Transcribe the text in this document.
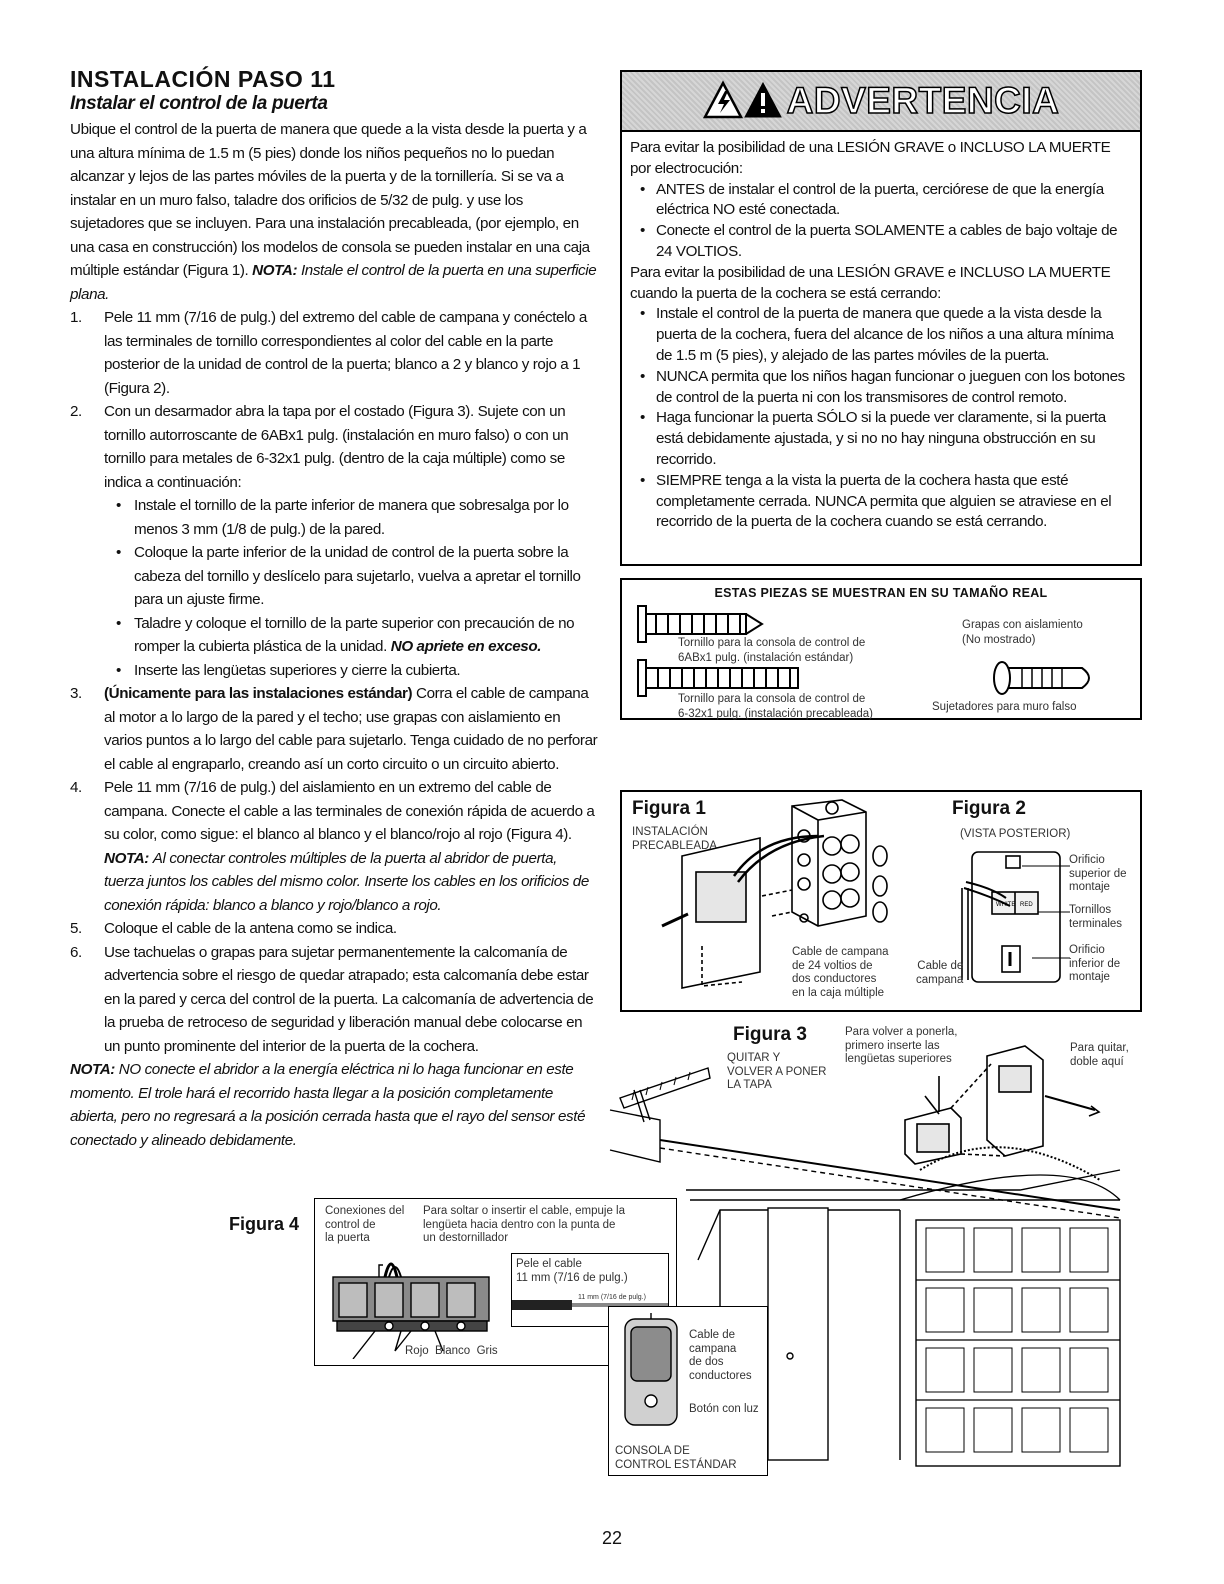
INSTALACIÓN PASO 11
Instalar el control de la puerta

Ubique el control de la puerta de manera que quede a la vista desde la puerta y a una altura mínima de 1.5 m (5 pies) donde los niños pequeños no lo puedan alcanzar y lejos de las partes móviles de la puerta y de la tornillería. Si se va a instalar en un muro falso, taladre dos orificios de 5/32 de pulg. y use los sujetadores que se incluyen. Para una instalación precableada, (por ejemplo, en una casa en construcción) los modelos de consola se pueden instalar en una caja múltiple estándar (Figura 1). NOTA: Instale el control de la puerta en una superficie plana.

1. Pele 11 mm (7/16 de pulg.) del extremo del cable de campana y conéctelo a las terminales de tornillo correspondientes al color del cable en la parte posterior de la unidad de control de la puerta; blanco a 2 y blanco y rojo a 1 (Figura 2).
2. Con un desarmador abra la tapa por el costado (Figura 3). Sujete con un tornillo autorroscante de 6ABx1 pulg. (instalación en muro falso) o con un tornillo para metales de 6-32x1 pulg. (dentro de la caja múltiple) como se indica a continuación:
• Instale el tornillo de la parte inferior de manera que sobresalga por lo menos 3 mm (1/8 de pulg.) de la pared.
• Coloque la parte inferior de la unidad de control de la puerta sobre la cabeza del tornillo y deslícelo para sujetarlo, vuelva a apretar el tornillo para un ajuste firme.
• Taladre y coloque el tornillo de la parte superior con precaución de no romper la cubierta plástica de la unidad. NO apriete en exceso.
• Inserte las lengüetas superiores y cierre la cubierta.
3. (Únicamente para las instalaciones estándar) Corra el cable de campana al motor a lo largo de la pared y el techo; use grapas con aislamiento en varios puntos a lo largo del cable para sujetarlo. Tenga cuidado de no perforar el cable al engraparlo, creando así un corto circuito o un circuito abierto.
4. Pele 11 mm (7/16 de pulg.) del aislamiento en un extremo del cable de campana. Conecte el cable a las terminales de conexión rápida de acuerdo a su color, como sigue: el blanco al blanco y el blanco/rojo al rojo (Figura 4).
NOTA: Al conectar controles múltiples de la puerta al abridor de puerta, tuerza juntos los cables del mismo color. Inserte los cables en los orificios de conexión rápida: blanco a blanco y rojo/blanco a rojo.
5. Coloque el cable de la antena como se indica.
6. Use tachuelas o grapas para sujetar permanentemente la calcomanía de advertencia sobre el riesgo de quedar atrapado; esta calcomanía debe estar en la pared y cerca del control de la puerta. La calcomanía de advertencia de la prueba de retroceso de seguridad y liberación manual debe colocarse en un punto prominente del interior de la puerta de la cochera.

NOTA: NO conecte el abridor a la energía eléctrica ni lo haga funcionar en este momento. El trole hará el recorrido hasta llegar a la posición completamente abierta, pero no regresará a la posición cerrada hasta que el rayo del sensor esté conectado y alineado debidamente.

ADVERTENCIA

Para evitar la posibilidad de una LESIÓN GRAVE o INCLUSO LA MUERTE por electrocución:

• ANTES de instalar el control de la puerta, cerciórese de que la energía eléctrica NO esté conectada.
• Conecte el control de la puerta SOLAMENTE a cables de bajo voltaje de 24 VOLTIOS.

Para evitar la posibilidad de una LESIÓN GRAVE e INCLUSO LA MUERTE cuando la puerta de la cochera se está cerrando:

• Instale el control de la puerta de manera que quede a la vista desde la puerta de la cochera, fuera del alcance de los niños a una altura mínima de 1.5 m (5 pies), y alejado de las partes móviles de la puerta.
• NUNCA permita que los niños hagan funcionar o jueguen con los botones de control de la puerta ni con los transmisores de control remoto.
• Haga funcionar la puerta SÓLO si la puede ver claramente, si la puerta está debidamente ajustada, y si no no hay ninguna obstrucción en su recorrido.
• SIEMPRE tenga a la vista la puerta de la cochera hasta que esté completamente cerrada. NUNCA permita que alguien se atraviese en el recorrido de la puerta de la cochera cuando se está cerrando.
ESTAS PIEZAS SE MUESTRAN EN SU TAMAÑO REAL
Tornillo para la consola de control de
6ABx1 pulg. (instalación estándar)
Tornillo para la consola de control de
6-32x1 pulg. (instalación precableada)
Grapas con aislamiento
(No mostrado)
Sujetadores para muro falso
Figura 1
INSTALACIÓN
PRECABLEADA
Cable de campana
de 24 voltios de
dos conductores
en la caja múltiple
Figura 2
(VISTA POSTERIOR)
WHITE RED
Orificio
superior de
montaje
Tornillos
terminales
Orificio
inferior de
montaje
Cable de
campana
Figura 3
QUITAR Y
VOLVER A PONER
LA TAPA
Para volver a ponerla,
primero inserte las
lengüetas superiores
Para quitar,
doble aquí
Figura 4
Conexiones del
control de
la puerta
Para soltar o insertir el cable, empuje la
lengüeta hacia dentro con la punta de
un destornillador
Rojo  Blanco  Gris
Pele el cable
11 mm (7/16 de pulg.)
11 mm (7/16 de pulg.)
Cable de
campana
de dos
conductores
Botón con luz
CONSOLA DE
CONTROL ESTÁNDAR
22
